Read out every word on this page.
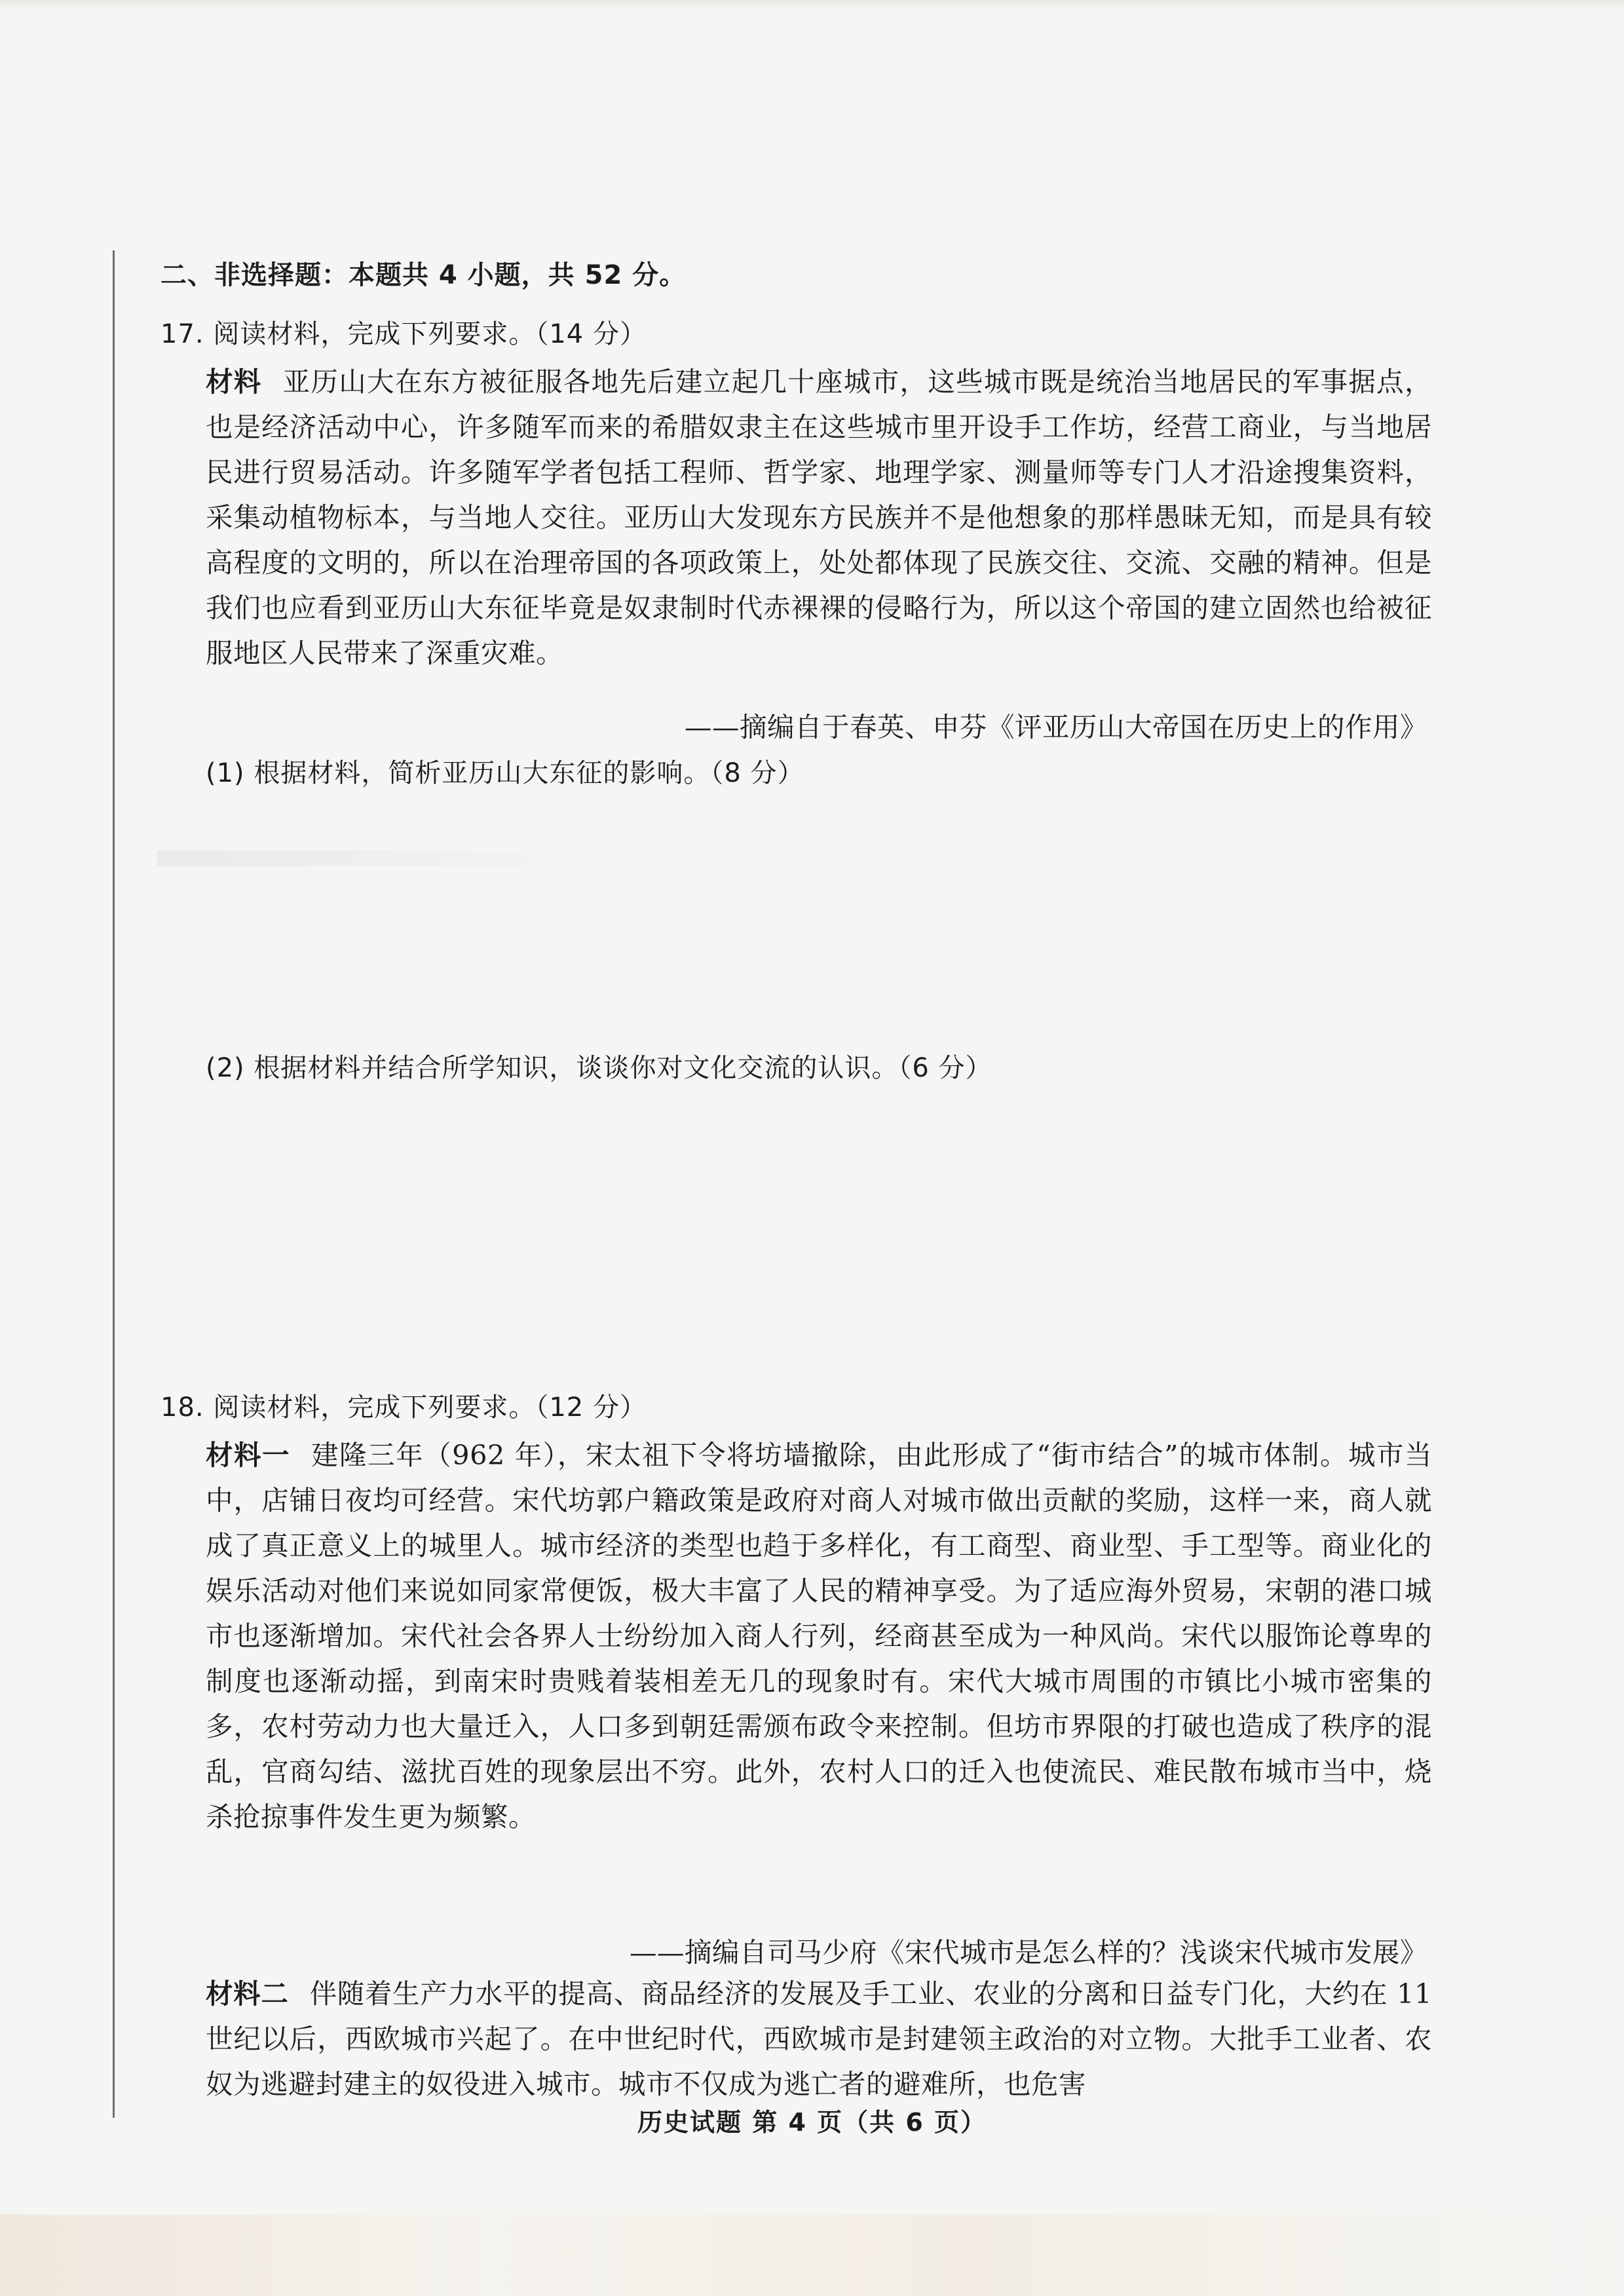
二、非选择题：本题共 4 小题，共 52 分。
17. 阅读材料，完成下列要求。（14 分）
材料 亚历山大在东方被征服各地先后建立起几十座城市，这些城市既是统治当地居民的军事据点，也是经济活动中心，许多随军而来的希腊奴隶主在这些城市里开设手工作坊，经营工商业，与当地居民进行贸易活动。许多随军学者包括工程师、哲学家、地理学家、测量师等专门人才沿途搜集资料，采集动植物标本，与当地人交往。亚历山大发现东方民族并不是他想象的那样愚昧无知，而是具有较高程度的文明的，所以在治理帝国的各项政策上，处处都体现了民族交往、交流、交融的精神。但是我们也应看到亚历山大东征毕竟是奴隶制时代赤裸裸的侵略行为，所以这个帝国的建立固然也给被征服地区人民带来了深重灾难。
——摘编自于春英、申芬《评亚历山大帝国在历史上的作用》
(1) 根据材料，简析亚历山大东征的影响。（8 分）
(2) 根据材料并结合所学知识，谈谈你对文化交流的认识。（6 分）
18. 阅读材料，完成下列要求。（12 分）
材料一 建隆三年（962 年），宋太祖下令将坊墙撤除，由此形成了“街市结合”的城市体制。城市当中，店铺日夜均可经营。宋代坊郭户籍政策是政府对商人对城市做出贡献的奖励，这样一来，商人就成了真正意义上的城里人。城市经济的类型也趋于多样化，有工商型、商业型、手工型等。商业化的娱乐活动对他们来说如同家常便饭，极大丰富了人民的精神享受。为了适应海外贸易，宋朝的港口城市也逐渐增加。宋代社会各界人士纷纷加入商人行列，经商甚至成为一种风尚。宋代以服饰论尊卑的制度也逐渐动摇，到南宋时贵贱着装相差无几的现象时有。宋代大城市周围的市镇比小城市密集的多，农村劳动力也大量迁入，人口多到朝廷需颁布政令来控制。但坊市界限的打破也造成了秩序的混乱，官商勾结、滋扰百姓的现象层出不穷。此外，农村人口的迁入也使流民、难民散布城市当中，烧杀抢掠事件发生更为频繁。
——摘编自司马少府《宋代城市是怎么样的？浅谈宋代城市发展》
材料二 伴随着生产力水平的提高、商品经济的发展及手工业、农业的分离和日益专门化，大约在 11 世纪以后，西欧城市兴起了。在中世纪时代，西欧城市是封建领主政治的对立物。大批手工业者、农奴为逃避封建主的奴役进入城市。城市不仅成为逃亡者的避难所，也危害
历史试题 第 4 页（共 6 页）
